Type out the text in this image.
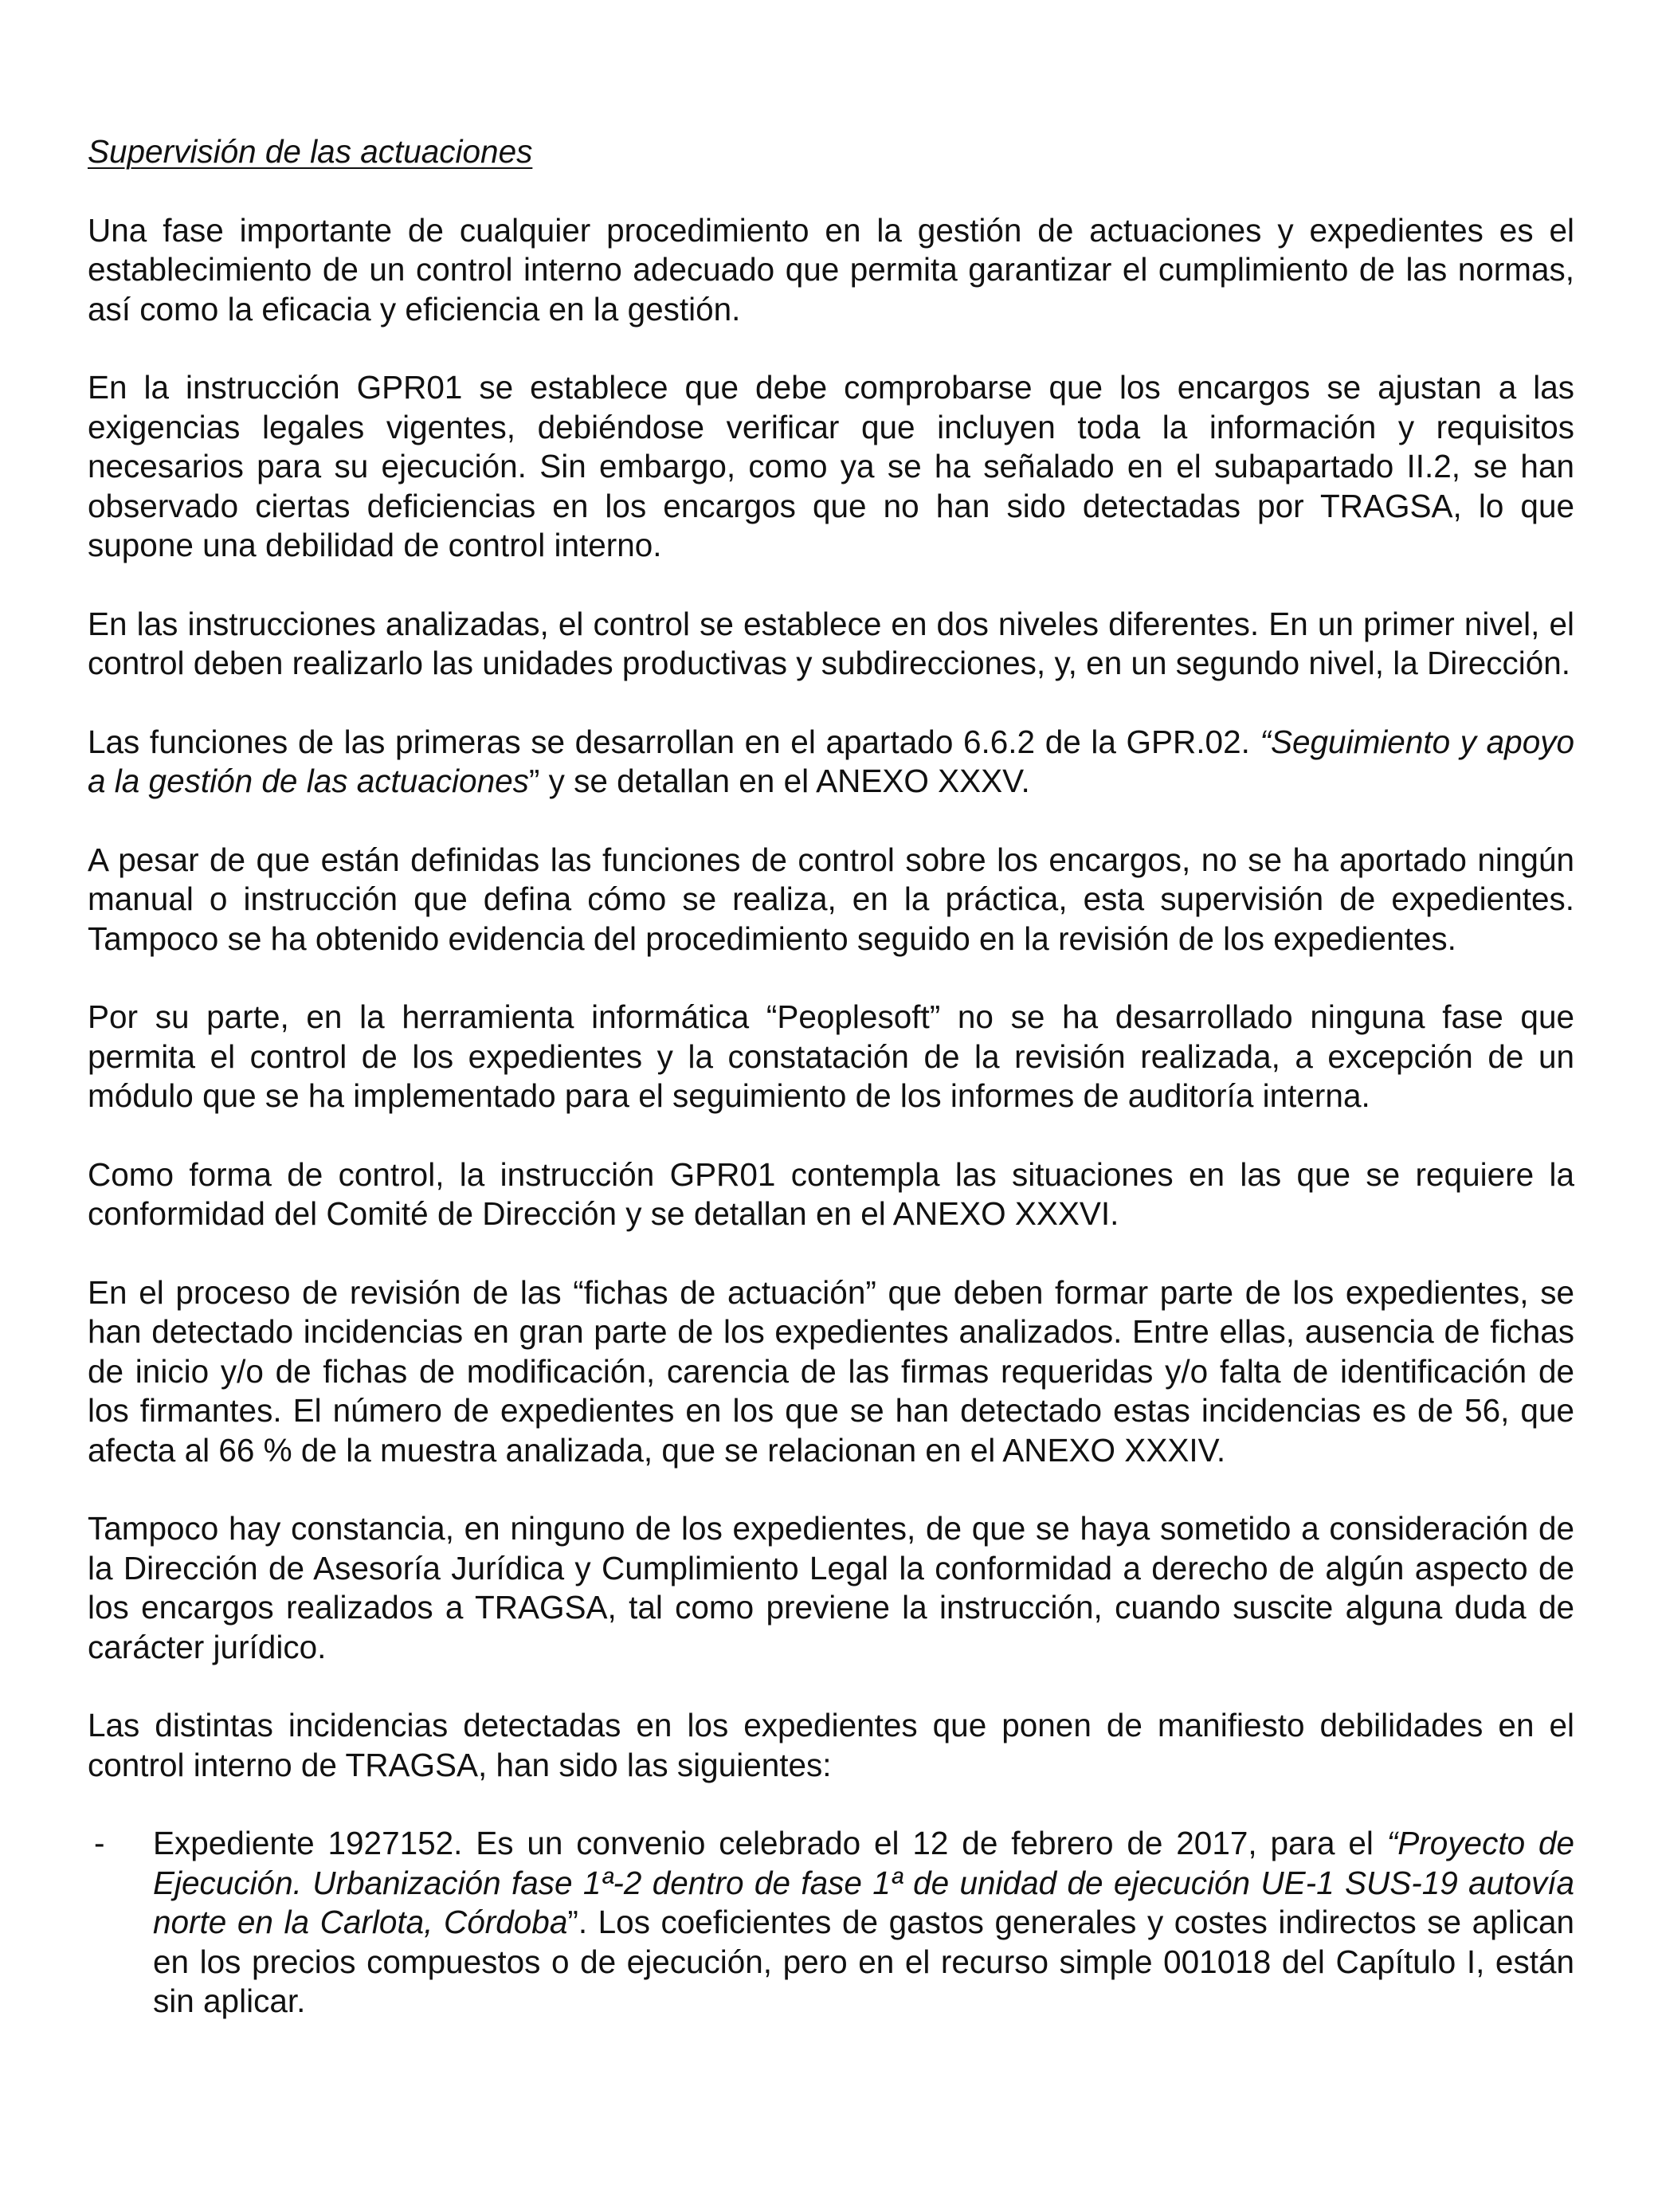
Supervisión de las actuaciones

Una fase importante de cualquier procedimiento en la gestión de actuaciones y expedientes es el establecimiento de un control interno adecuado que permita garantizar el cumplimiento de las normas, así como la eficacia y eficiencia en la gestión.

En la instrucción GPR01 se establece que debe comprobarse que los encargos se ajustan a las exigencias legales vigentes, debiéndose verificar que incluyen toda la información y requisitos necesarios para su ejecución. Sin embargo, como ya se ha señalado en el subapartado II.2, se han observado ciertas deficiencias en los encargos que no han sido detectadas por TRAGSA, lo que supone una debilidad de control interno.

En las instrucciones analizadas, el control se establece en dos niveles diferentes. En un primer nivel, el control deben realizarlo las unidades productivas y subdirecciones, y, en un segundo nivel, la Dirección.

Las funciones de las primeras se desarrollan en el apartado 6.6.2 de la GPR.02. “Seguimiento y apoyo a la gestión de las actuaciones” y se detallan en el ANEXO XXXV.

A pesar de que están definidas las funciones de control sobre los encargos, no se ha aportado ningún manual o instrucción que defina cómo se realiza, en la práctica, esta supervisión de expedientes. Tampoco se ha obtenido evidencia del procedimiento seguido en la revisión de los expedientes.

Por su parte, en la herramienta informática “Peoplesoft” no se ha desarrollado ninguna fase que permita el control de los expedientes y la constatación de la revisión realizada, a excepción de un módulo que se ha implementado para el seguimiento de los informes de auditoría interna.

Como forma de control, la instrucción GPR01 contempla las situaciones en las que se requiere la conformidad del Comité de Dirección y se detallan en el ANEXO XXXVI.

En el proceso de revisión de las “fichas de actuación” que deben formar parte de los expedientes, se han detectado incidencias en gran parte de los expedientes analizados. Entre ellas, ausencia de fichas de inicio y/o de fichas de modificación, carencia de las firmas requeridas y/o falta de identificación de los firmantes. El número de expedientes en los que se han detectado estas incidencias es de 56, que afecta al 66 % de la muestra analizada, que se relacionan en el ANEXO XXXIV.

Tampoco hay constancia, en ninguno de los expedientes, de que se haya sometido a consideración de la Dirección de Asesoría Jurídica y Cumplimiento Legal la conformidad a derecho de algún aspecto de los encargos realizados a TRAGSA, tal como previene la instrucción, cuando suscite alguna duda de carácter jurídico.

Las distintas incidencias detectadas en los expedientes que ponen de manifiesto debilidades en el control interno de TRAGSA, han sido las siguientes:

- Expediente 1927152. Es un convenio celebrado el 12 de febrero de 2017, para el “Proyecto de Ejecución. Urbanización fase 1ª-2 dentro de fase 1ª de unidad de ejecución UE-1 SUS-19 autovía norte en la Carlota, Córdoba”. Los coeficientes de gastos generales y costes indirectos se aplican en los precios compuestos o de ejecución, pero en el recurso simple 001018 del Capítulo I, están sin aplicar.
